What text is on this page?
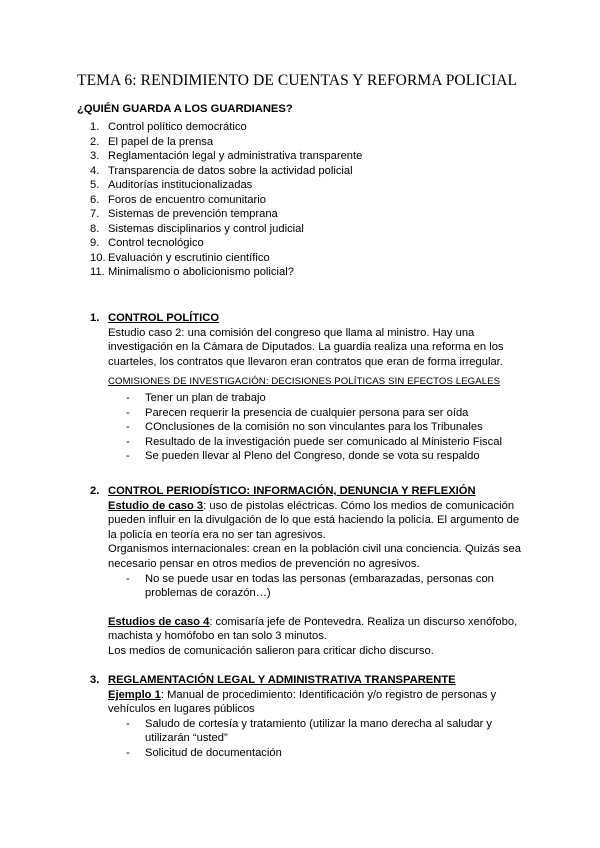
TEMA 6: RENDIMIENTO DE CUENTAS Y REFORMA POLICIAL
¿QUIÉN GUARDA A LOS GUARDIANES?
1. Control político democrático
2. El papel de la prensa
3. Reglamentación legal y administrativa transparente
4. Transparencia de datos sobre la actividad policial
5. Auditorías institucionalizadas
6. Foros de encuentro comunitario
7. Sistemas de prevención temprana
8. Sistemas disciplinarios y control judicial
9. Control tecnológico
10. Evaluación y escrutinio científico
11. Minimalismo o abolicionismo policial?
1. CONTROL POLÍTICO

Estudio caso 2: una comisión del congreso que llama al ministro. Hay una investigación en la Cámara de Diputados. La guardia realiza una reforma en los cuarteles, los contratos que llevaron eran contratos que eran de forma irregular.

COMISIONES DE INVESTIGACIÓN: DECISIONES POLÍTICAS SIN EFECTOS LEGALES

-	Tener un plan de trabajo
-	Parecen requerir la presencia de cualquier persona para ser oída
-	COnclusiones de la comisión no son vinculantes para los Tribunales
-	Resultado de la investigación puede ser comunicado al Ministerio Fiscal
-	Se pueden llevar al Pleno del Congreso, donde se vota su respaldo
2. CONTROL PERIODÍSTICO: INFORMACIÓN, DENUNCIA Y REFLEXIÓN

Estudio de caso 3: uso de pistolas eléctricas. Cómo los medios de comunicación pueden influir en la divulgación de lo que está haciendo la policía. El argumento de la policía en teoría era no ser tan agresivos.

Organismos internacionales: crean en la población civil una conciencia. Quizás sea necesario pensar en otros medios de prevención no agresivos.

-	No se puede usar en todas las personas (embarazadas, personas con problemas de corazón…)

Estudios de caso 4: comisaría jefe de Pontevedra. Realiza un discurso xenófobo, machista y homófobo en tan solo 3 minutos.

Los medios de comunicación salieron para criticar dicho discurso.

3. REGLAMENTACIÓN LEGAL Y ADMINISTRATIVA TRANSPARENTE

Ejemplo 1: Manual de procedimiento: Identificación y/o registro de personas y vehículos en lugares públicos

-	Saludo de cortesía y tratamiento (utilizar la mano derecha al saludar y utilizarán “usted”
-	Solicitud de documentación
